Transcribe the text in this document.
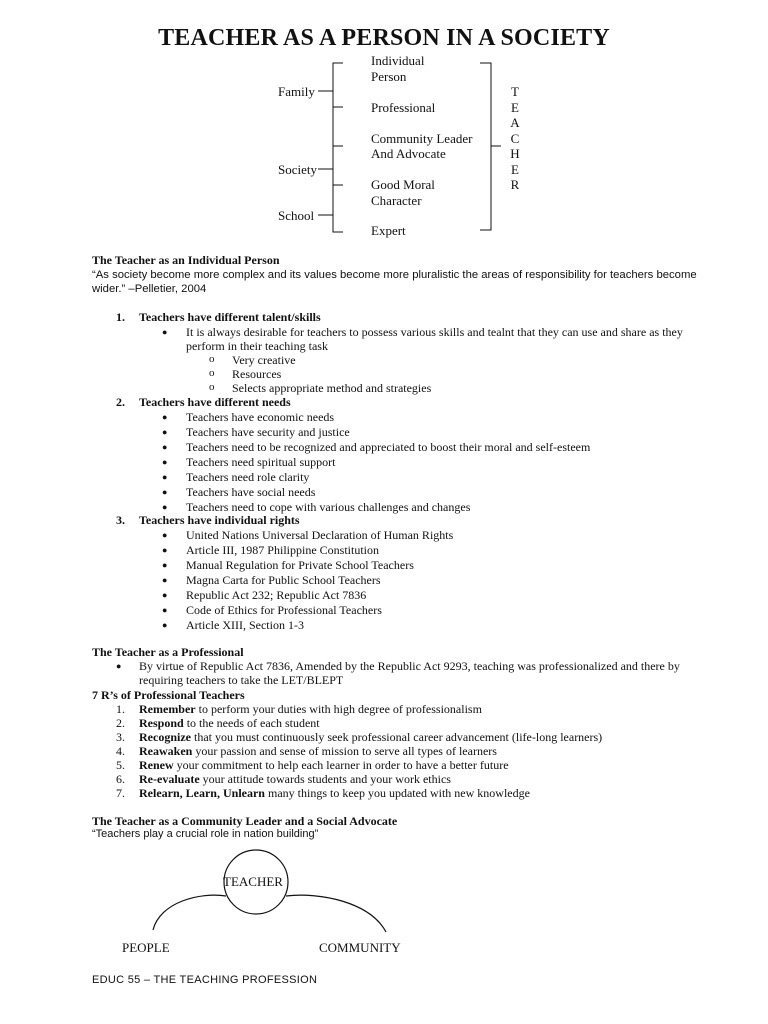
TEACHER AS A PERSON IN A SOCIETY
Family
Society
School
Individual
Person
Professional
Community Leader
And Advocate
Good Moral
Character
Expert
T
E
A
C
H
E
R
The Teacher as an Individual Person
“As society become more complex and its values become more pluralistic the areas of responsibility for teachers become
wider.” –Pelletier, 2004
1. Teachers have different talent/skills
● It is always desirable for teachers to possess various skills and tealnt that they can use and share as they
perform in their teaching task
o Very creative
o Resources
o Selects appropriate method and strategies
2. Teachers have different needs
● Teachers have economic needs
● Teachers have security and justice
● Teachers need to be recognized and appreciated to boost their moral and self-esteem
● Teachers need spiritual support
● Teachers need role clarity
● Teachers have social needs
● Teachers need to cope with various challenges and changes
3. Teachers have individual rights
● United Nations Universal Declaration of Human Rights
● Article III, 1987 Philippine Constitution
● Manual Regulation for Private School Teachers
● Magna Carta for Public School Teachers
● Republic Act 232; Republic Act 7836
● Code of Ethics for Professional Teachers
● Article XIII, Section 1-3
The Teacher as a Professional
● By virtue of Republic Act 7836, Amended by the Republic Act 9293, teaching was professionalized and there by
requiring teachers to take the LET/BLEPT
7 R’s of Professional Teachers
1. Remember to perform your duties with high degree of professionalism
2. Respond to the needs of each student
3. Recognize that you must continuously seek professional career advancement (life-long learners)
4. Reawaken your passion and sense of mission to serve all types of learners
5. Renew your commitment to help each learner in order to have a better future
6. Re-evaluate your attitude towards students and your work ethics
7. Relearn, Learn, Unlearn many things to keep you updated with new knowledge
The Teacher as a Community Leader and a Social Advocate
“Teachers play a crucial role in nation building”
TEACHER
PEOPLE	COMMUNITY
EDUC 55 – THE TEACHING PROFESSION
